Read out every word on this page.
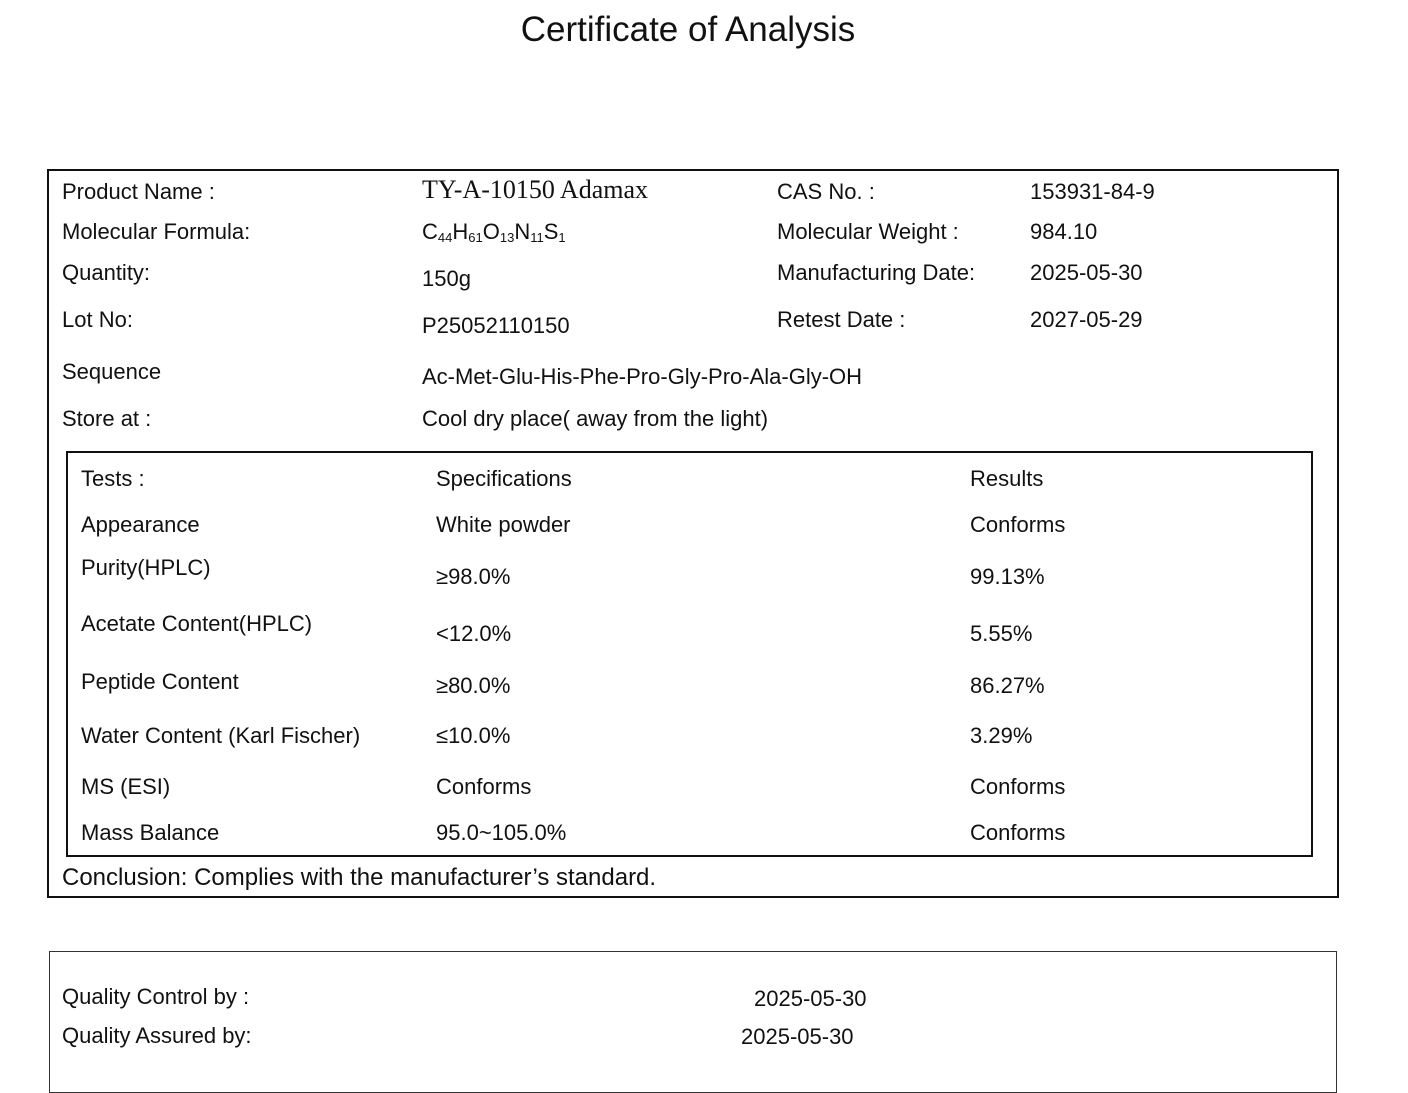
Certificate of Analysis
Product Name :	TY-A-10150 Adamax	CAS No. :	153931-84-9
Molecular Formula:	$C_{44}H_{61}O_{13}N_{11}S_1$	Molecular Weight :	984.10
Quantity:	150g	Manufacturing Date: 2025-05-30
Lot No:	P25052110150	Retest Date :	2027-05-29
Sequence	Ac-Met-Glu-His-Phe-Pro-Gly-Pro-Ala-Gly-OH
Store at :	Cool dry place( away from the light)
Tests :	Specifications	Results
Appearance	White powder	Conforms
Purity(HPLC)	≥98.0%	99.13%
Acetate Content(HPLC)	<12.0%	5.55%
Peptide Content	≥80.0%	86.27%
Water Content (Karl Fischer)	≤10.0%	3.29%
MS (ESI)	Conforms	Conforms
Mass Balance	95.0~105.0%	Conforms
Conclusion: Complies with the manufacturer’s standard.
Quality Control by :	2025-05-30
Quality Assured by:	2025-05-30
